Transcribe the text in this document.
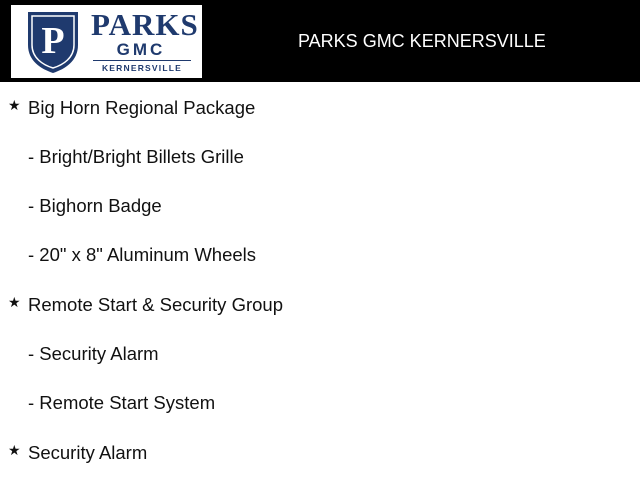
P PARKS
GMC
KERNERSVILLE
PARKS GMC KERNERSVILLE
★ Big Horn Regional Package
- Bright/Bright Billets Grille
- Bighorn Badge
- 20" x 8" Aluminum Wheels
★ Remote Start & Security Group
- Security Alarm
- Remote Start System
★ Security Alarm
